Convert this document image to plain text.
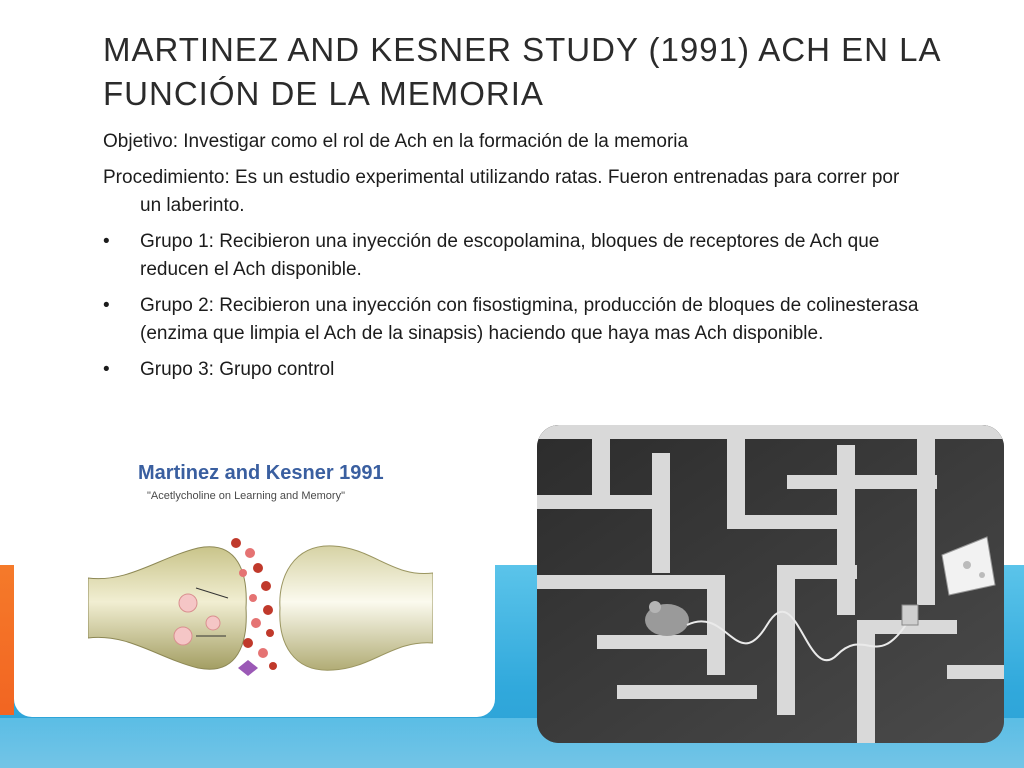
MARTINEZ AND KESNER STUDY (1991) ACH EN LA FUNCIÓN DE LA MEMORIA

Objetivo: Investigar como el rol de Ach en la formación de la memoria

Procedimiento: Es un estudio experimental utilizando ratas. Fueron entrenadas para correr por un laberinto.

•	Grupo 1: Recibieron una inyección de escopolamina, bloques de receptores de Ach que reducen el Ach disponible.
•	Grupo 2: Recibieron una inyección con fisostigmina, producción de bloques de colinesterasa (enzima que limpia el Ach de la sinapsis) haciendo que haya mas Ach disponible.
•	Grupo 3: Grupo control
Martinez and Kesner 1991
"Acetlycholine on Learning and Memory"
